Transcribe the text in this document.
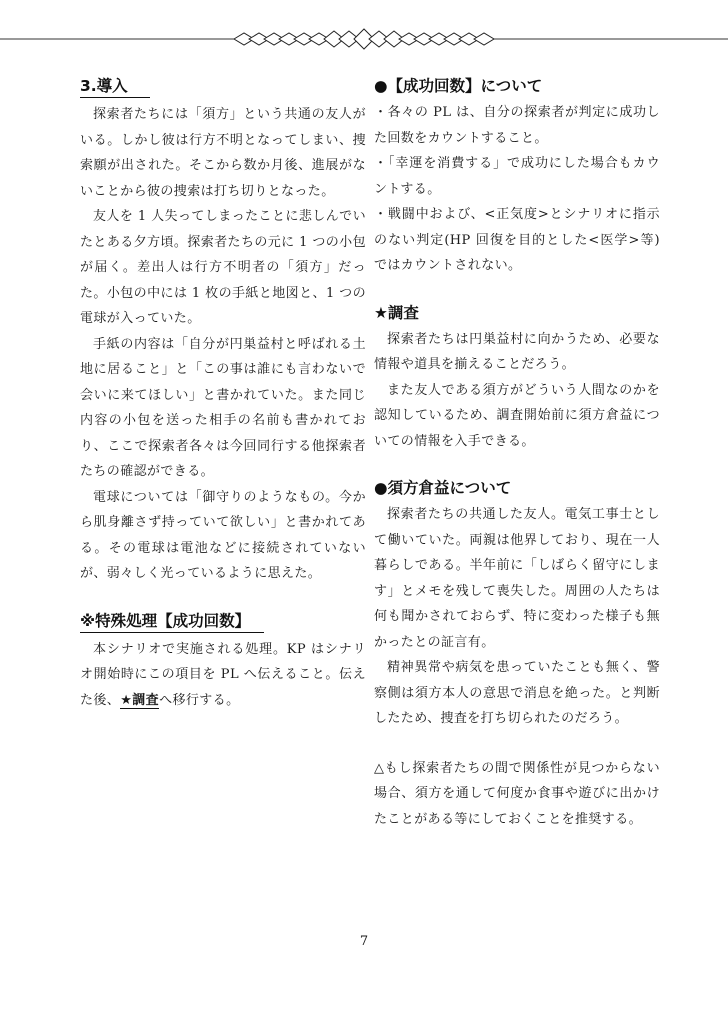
3.導入

探索者たちには「須方」という共通の友人がいる。しかし彼は行方不明となってしまい、捜索願が出された。そこから数か月後、進展がないことから彼の捜索は打ち切りとなった。

友人を 1 人失ってしまったことに悲しんでいたとある夕方頃。探索者たちの元に 1 つの小包が届く。差出人は行方不明者の「須方」だった。小包の中には 1 枚の手紙と地図と、1 つの電球が入っていた。

手紙の内容は「自分が円巣益村と呼ばれる土地に居ること」と「この事は誰にも言わないで会いに来てほしい」と書かれていた。また同じ内容の小包を送った相手の名前も書かれており、ここで探索者各々は今回同行する他探索者たちの確認ができる。

電球については「御守りのようなもの。今から肌身離さず持っていて欲しい」と書かれてある。その電球は電池などに接続されていないが、弱々しく光っているように思えた。

※特殊処理【成功回数】

本シナリオで実施される処理。KP はシナリオ開始時にこの項目を PL へ伝えること。伝えた後、★調査へ移行する。

●【成功回数】について

・各々の PL は、自分の探索者が判定に成功した回数をカウントすること。

・「幸運を消費する」で成功にした場合もカウントする。

・戦闘中および、<正気度>とシナリオに指示のない判定(HP 回復を目的とした<医学>等)ではカウントされない。

★調査

探索者たちは円巣益村に向かうため、必要な情報や道具を揃えることだろう。

また友人である須方がどういう人間なのかを認知しているため、調査開始前に須方倉益についての情報を入手できる。

●須方倉益について

探索者たちの共通した友人。電気工事士として働いていた。両親は他界しており、現在一人暮らしである。半年前に「しばらく留守にします」とメモを残して喪失した。周囲の人たちは何も聞かされておらず、特に変わった様子も無かったとの証言有。

精神異常や病気を患っていたことも無く、警察側は須方本人の意思で消息を絶った。と判断したため、捜査を打ち切られたのだろう。

△もし探索者たちの間で関係性が見つからない場合、須方を通して何度か食事や遊びに出かけたことがある等にしておくことを推奨する。

7
